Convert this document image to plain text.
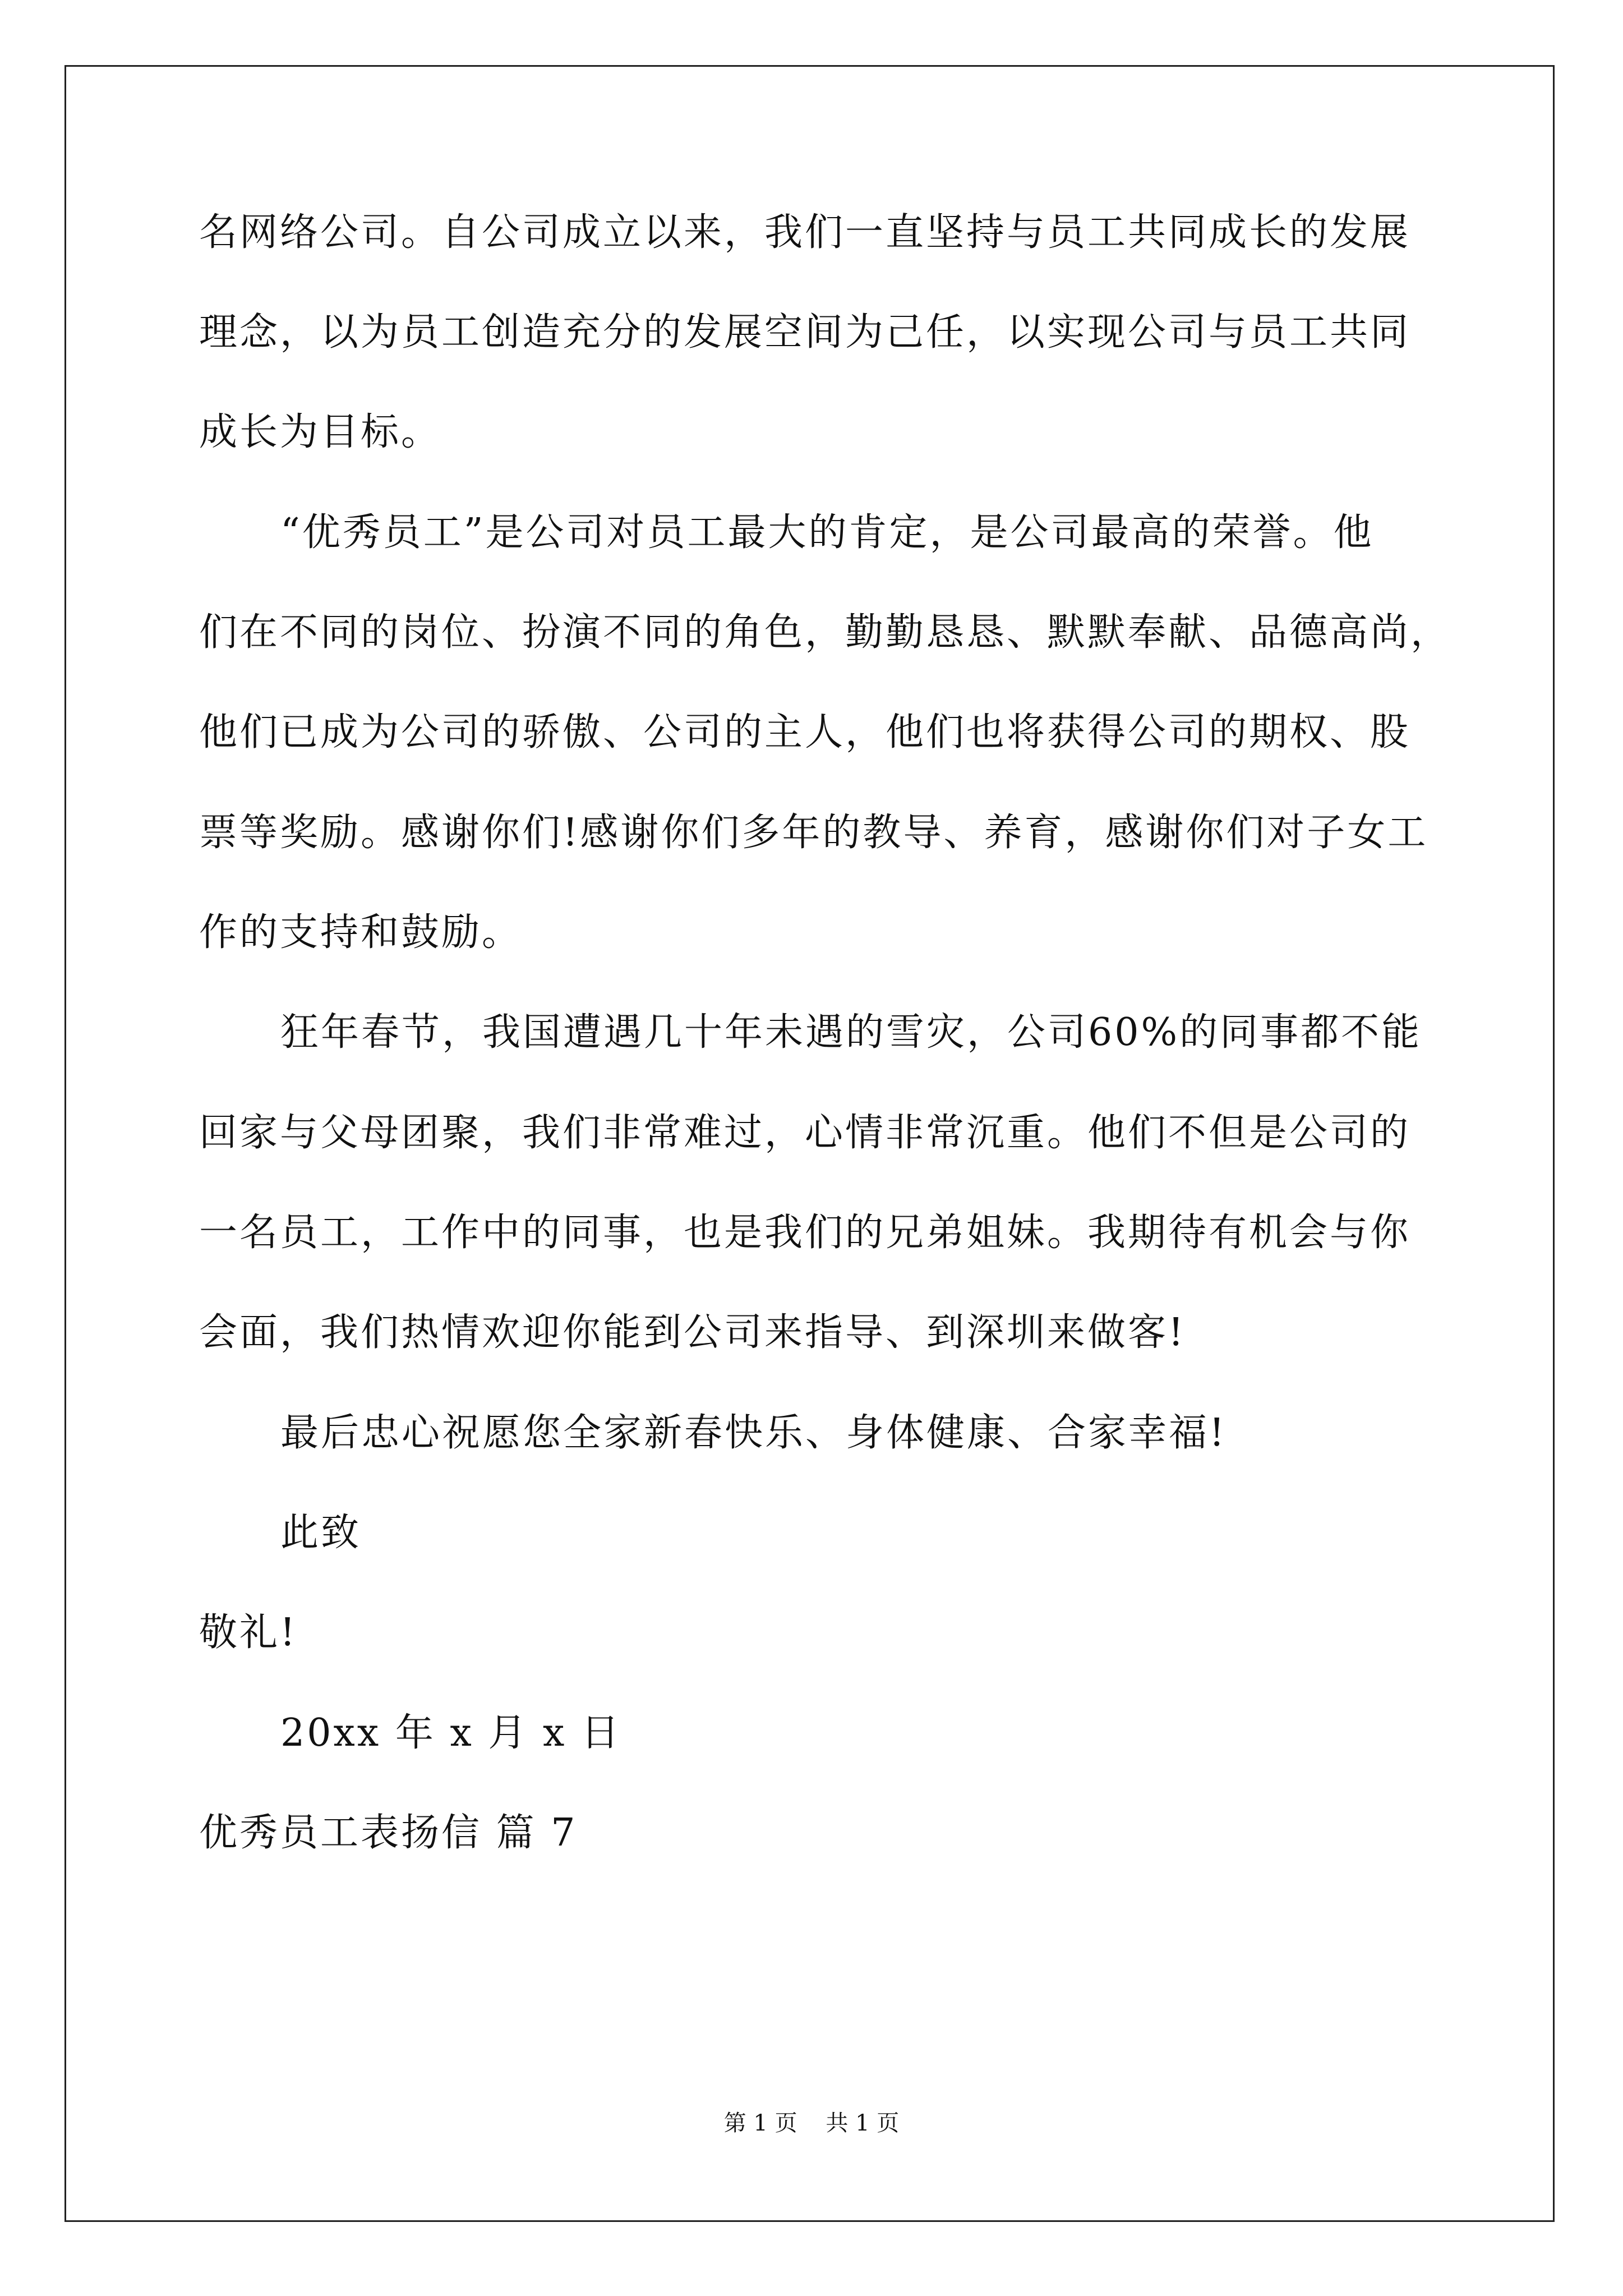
名网络公司。自公司成立以来，我们一直坚持与员工共同成长的发展
理念，以为员工创造充分的发展空间为己任，以实现公司与员工共同
成长为目标。
“优秀员工”是公司对员工最大的肯定，是公司最高的荣誉。他
们在不同的岗位、扮演不同的角色，勤勤恳恳、默默奉献、品德高尚，
他们已成为公司的骄傲、公司的主人，他们也将获得公司的期权、股
票等奖励。感谢你们!感谢你们多年的教导、养育，感谢你们对子女工
作的支持和鼓励。
狂年春节，我国遭遇几十年未遇的雪灾，公司60%的同事都不能
回家与父母团聚，我们非常难过，心情非常沉重。他们不但是公司的
一名员工，工作中的同事，也是我们的兄弟姐妹。我期待有机会与你
会面，我们热情欢迎你能到公司来指导、到深圳来做客!
最后忠心祝愿您全家新春快乐、身体健康、合家幸福!
此致
敬礼!
20xx 年 x 月 x 日
优秀员工表扬信 篇 7
第 1 页    共 1 页
